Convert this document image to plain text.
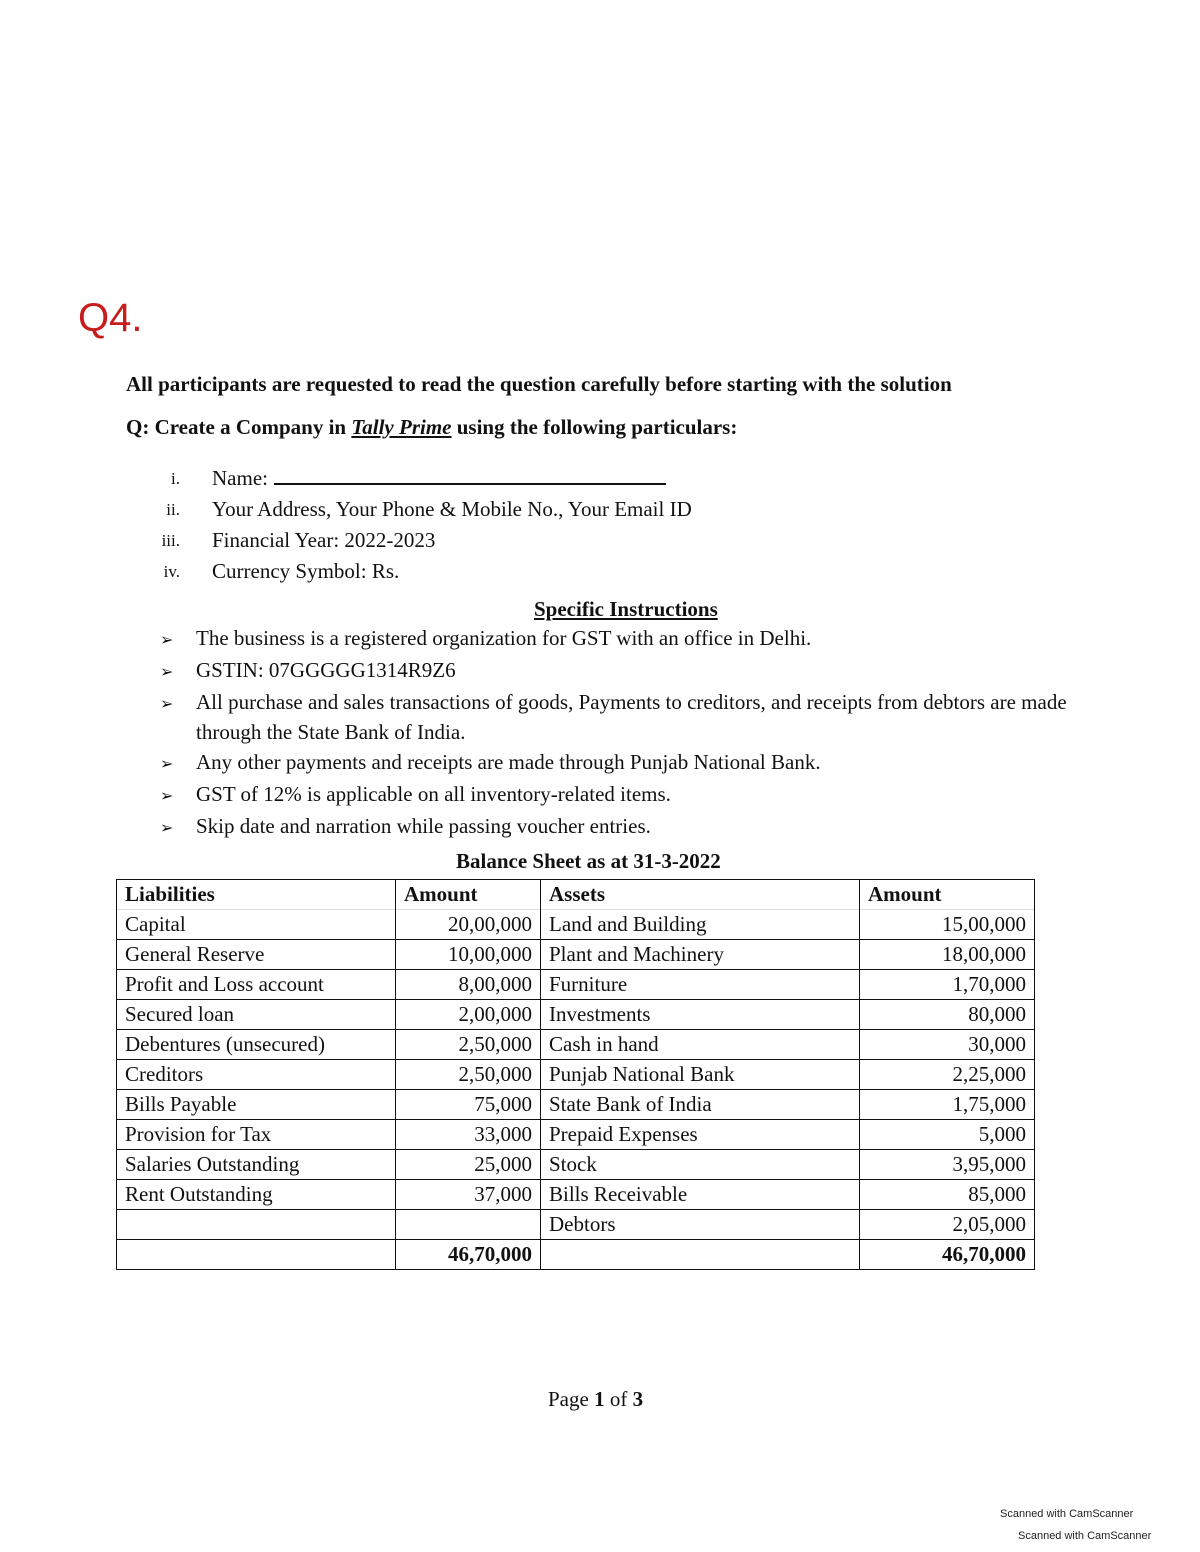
Q4.
All participants are requested to read the question carefully before starting with the solution
Q: Create a Company in Tally Prime using the following particulars:
i. Name:
ii. Your Address, Your Phone & Mobile No., Your Email ID
iii. Financial Year: 2022-2023
iv. Currency Symbol: Rs.
Specific Instructions
➢	The business is a registered organization for GST with an office in Delhi.
➢	GSTIN: 07GGGGG1314R9Z6
➢	All purchase and sales transactions of goods, Payments to creditors, and receipts from debtors are made through the State Bank of India.
➢	Any other payments and receipts are made through Punjab National Bank.
➢	GST of 12% is applicable on all inventory-related items.
➢	Skip date and narration while passing voucher entries.
Balance Sheet as at 31-3-2022
Liabilities	Amount	Assets	Amount
Capital	20,00,000	Land and Building	15,00,000
General Reserve	10,00,000	Plant and Machinery	18,00,000
Profit and Loss account	8,00,000	Furniture	1,70,000
Secured loan	2,00,000	Investments	80,000
Debentures (unsecured)	2,50,000	Cash in hand	30,000
Creditors	2,50,000	Punjab National Bank	2,25,000
Bills Payable	75,000	State Bank of India	1,75,000
Provision for Tax	33,000	Prepaid Expenses	5,000
Salaries Outstanding	25,000	Stock	3,95,000
Rent Outstanding	37,000	Bills Receivable	85,000
		Debtors	2,05,000
	46,70,000		46,70,000
Page 1 of 3
Scanned with CamScanner
Scanned with CamScanner
